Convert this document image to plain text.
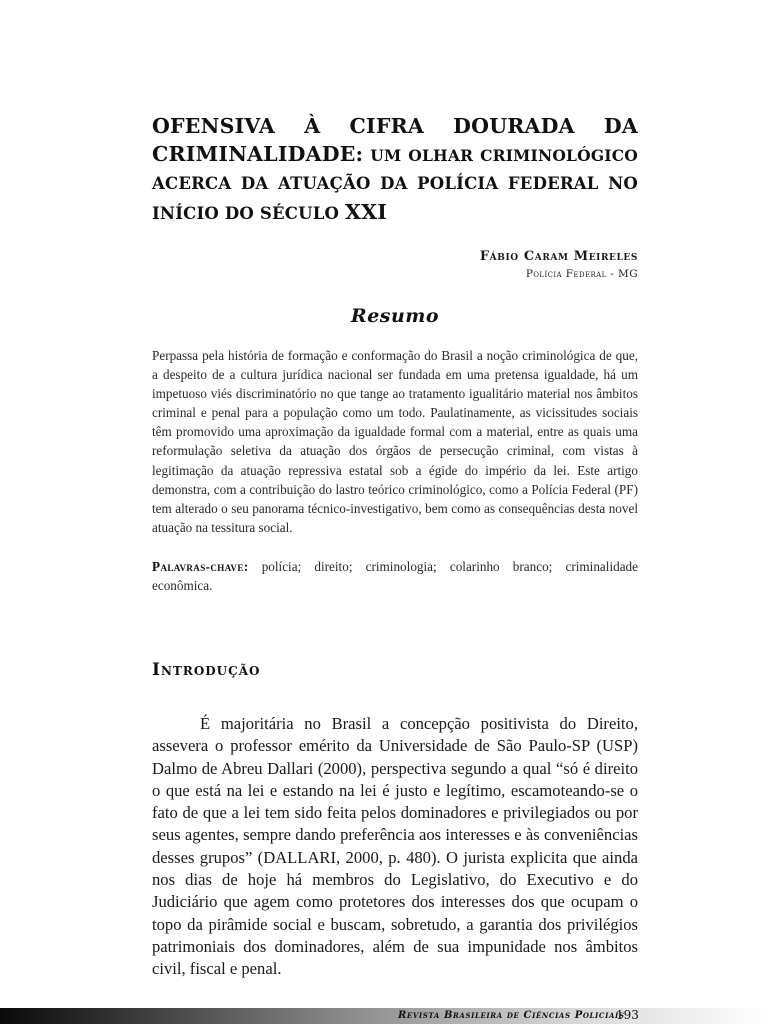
OFENSIVA À CIFRA DOURADA DA
CRIMINALIDADE: UM OLHAR CRIMINOLÓGICO
ACERCA DA ATUAÇÃO DA POLÍCIA FEDERAL NO
INÍCIO DO SÉCULO XXI
Fábio Caram Meireles
Polícia Federal - MG
Resumo

Perpassa pela história de formação e conformação do Brasil a noção criminológica de que, a despeito de a cultura jurídica nacional ser fundada em uma pretensa igualdade, há um impetuoso viés discriminatório no que tange ao tratamento igualitário material nos âmbitos criminal e penal para a população como um todo. Paulatinamente, as vicissitudes sociais têm promovido uma aproximação da igualdade formal com a material, entre as quais uma reformulação seletiva da atuação dos órgãos de persecução criminal, com vistas à legitimação da atuação repressiva estatal sob a égide do império da lei. Este artigo demonstra, com a contribuição do lastro teórico criminológico, como a Polícia Federal (PF) tem alterado o seu panorama técnico-investigativo, bem como as consequências desta novel atuação na tessitura social.

Palavras-chave: polícia; direito; criminologia; colarinho branco; criminalidade econômica.

Introdução

É majoritária no Brasil a concepção positivista do Direito, assevera o professor emérito da Universidade de São Paulo-SP (USP) Dalmo de Abreu Dallari (2000), perspectiva segundo a qual “só é direito o que está na lei e estando na lei é justo e legítimo, escamoteando-se o fato de que a lei tem sido feita pelos dominadores e privilegiados ou por seus agentes, sempre dando preferência aos interesses e às conveniências desses grupos” (DALLARI, 2000, p. 480). O jurista explicita que ainda nos dias de hoje há membros do Legislativo, do Executivo e do Judiciário que agem como protetores dos interesses dos que ocupam o topo da pirâmide social e buscam, sobretudo, a garantia dos privilégios patrimoniais dos dominadores, além de sua impunidade nos âmbitos civil, fiscal e penal.

Revista Brasileira de Ciências Policiais
193
